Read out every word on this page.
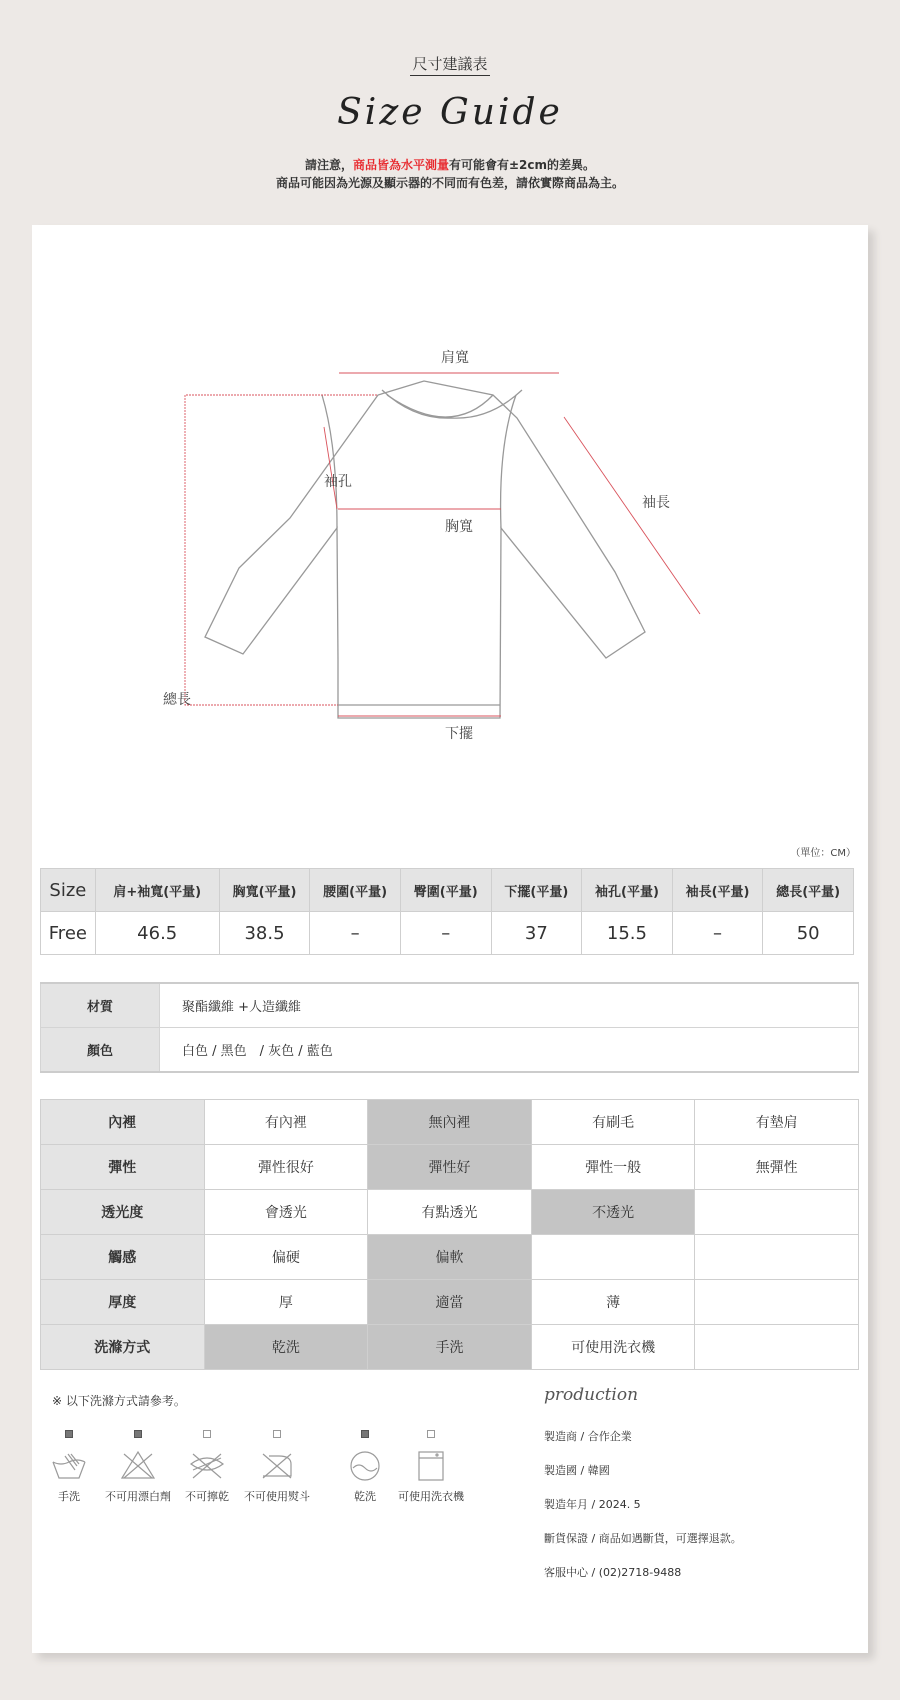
尺寸建議表
Size Guide
請注意，商品皆為水平測量有可能會有±2cm的差異。
商品可能因為光源及顯示器的不同而有色差，請依實際商品為主。
肩寬
袖孔
袖長
胸寬
總長
下擺
（單位：CM）
Size	肩+袖寬(平量)	胸寬(平量)	腰圍(平量)	臀圍(平量)	下擺(平量)	袖孔(平量)	袖長(平量)	總長(平量)
Free	46.5	38.5	–	–	37	15.5	–	50
材質	聚酯纖維 +人造纖維
顏色	白色 / 黑色　/ 灰色 / 藍色
內裡	有內裡	無內裡	有刷毛	有墊肩
彈性	彈性很好	彈性好	彈性一般	無彈性
透光度	會透光	有點透光	不透光	
觸感	偏硬	偏軟		
厚度	厚	適當	薄	
洗滌方式	乾洗	手洗	可使用洗衣機	
※ 以下洗滌方式請參考。
手洗	不可用漂白劑	不可擰乾	不可使用熨斗	乾洗	可使用洗衣機
production
製造商 / 合作企業
製造國 / 韓國
製造年月 / 2024. 5
斷貨保證 / 商品如遇斷貨，可選擇退款。
客服中心 / (02)2718-9488
